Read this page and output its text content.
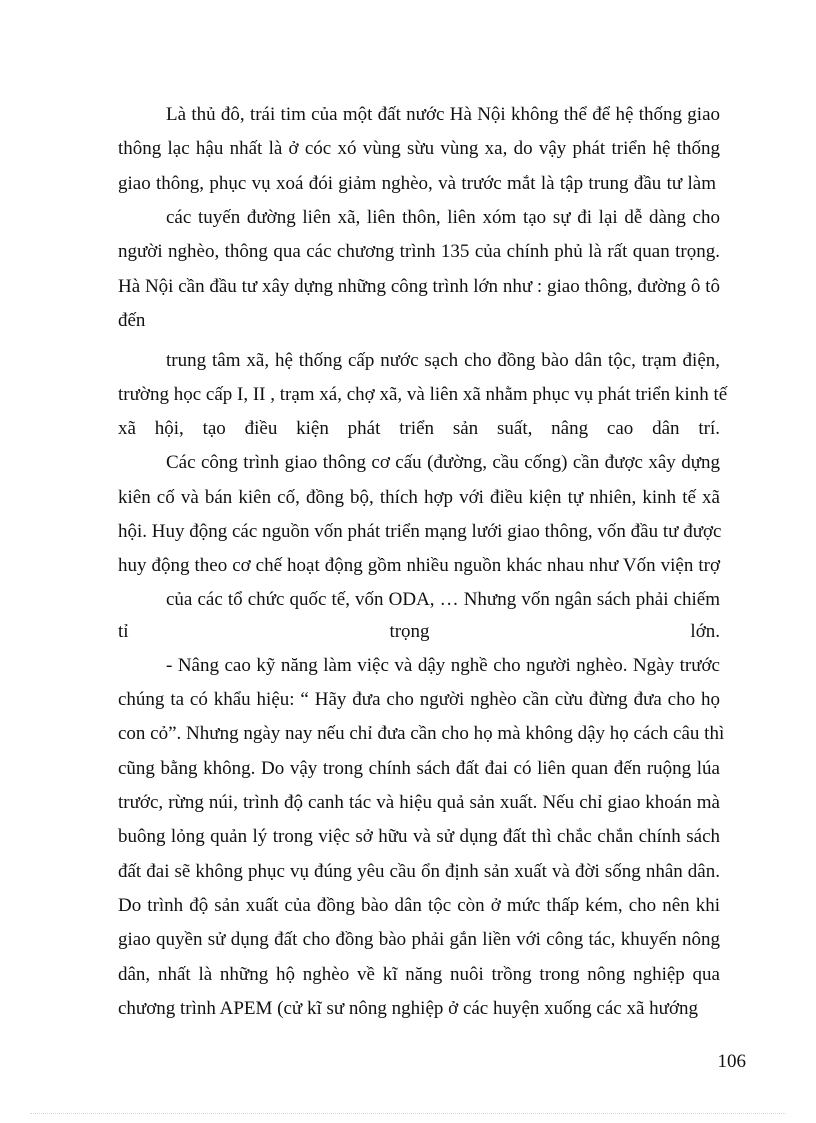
Là thủ đô, trái tim của một đất nước Hà Nội không thể để hệ thống giao
thông lạc hậu nhất là ở cóc xó vùng sừu vùng xa, do vậy phát triển hệ thống
giao thông, phục vụ xoá đói giảm nghèo, và trước mắt là tập trung đầu tư làm
các tuyến đường liên xã, liên thôn, liên xóm tạo sự đi lại dễ dàng cho
người nghèo, thông qua các chương trình 135 của chính phủ là rất quan trọng.
Hà Nội cần đầu tư xây dựng những công trình lớn như : giao thông, đường ô tô
đến
trung tâm xã, hệ thống cấp nước sạch cho đồng bào dân tộc, trạm điện,
trường học cấp I, II , trạm xá, chợ xã, và liên xã nhằm phục vụ phát triển kinh tế
xã hội, tạo điều kiện phát triển sản suất, nâng cao dân trí.
Các công trình giao thông cơ cấu (đường, cầu cống) cần được xây dựng
kiên cố và bán kiên cố, đồng bộ, thích hợp với điều kiện tự nhiên, kinh tế xã
hội. Huy động các nguồn vốn phát triển mạng lưới giao thông, vốn đầu tư được
huy động theo cơ chế hoạt động gồm nhiều nguồn khác nhau như Vốn viện trợ
của các tổ chức quốc tế, vốn ODA, … Nhưng vốn ngân sách phải chiếm
tỉ	trọng	lớn.
- Nâng cao kỹ năng làm việc và dậy nghề cho người nghèo. Ngày trước
chúng ta có khẩu hiệu: “ Hãy đưa cho người nghèo cần cừu đừng đưa cho họ
con cỏ”. Nhưng ngày nay nếu chỉ đưa cần cho họ mà không dậy họ cách câu thì
cũng bằng không. Do vậy trong chính sách đất đai có liên quan đến ruộng lúa
trước, rừng núi, trình độ canh tác và hiệu quả sản xuất. Nếu chỉ giao khoán mà
buông lỏng quản lý trong việc sở hữu và sử dụng đất thì chắc chắn chính sách
đất đai sẽ không phục vụ đúng yêu cầu ổn định sản xuất và đời sống nhân dân.
Do trình độ sản xuất của đồng bào dân tộc còn ở mức thấp kém, cho nên khi
giao quyền sử dụng đất cho đồng bào phải gắn liền với công tác, khuyến nông
dân, nhất là những hộ nghèo về kĩ năng nuôi trồng trong nông nghiệp qua
chương trình APEM (cử kĩ sư nông nghiệp ở các huyện xuống các xã hướng
106
